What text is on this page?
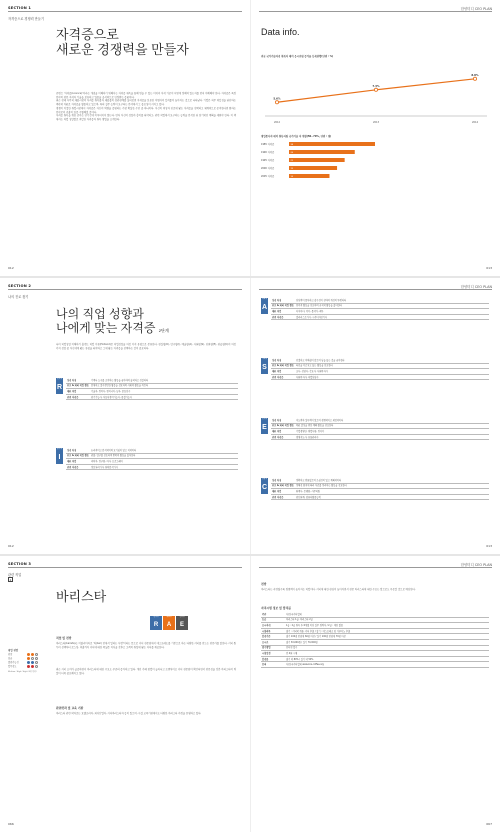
SECTION 1
자격증으로 경쟁력 만들기
자격증으로
새로운 경쟁력을 만들자

콘텐츠 '자격증(Licence)'이라는 개념을 이해하기 위해서는 자격증 취득을 통해 얻을 수 있는 이익과 자격 기준이 어떻게 정해져 있는지를 먼저 이해해야 한다. 자격증은 특정 분야의 전문 지식과 기술을 보유하고 있음을 공식적으로 인정받는 증표이다.

최근 전체 사무직 채용시장의 자격증 취득률과 채용률의 상관관계를 살펴보면 자격증을 보유한 지원자의 합격률이 높아지는 것으로 나타났다. 기업은 직무 적합성을 판단하는 객관적 지표로 자격증을 활용하고 있으며, 특히 실무 능력이 요구되는 분야에서 그 중요성이 커지고 있다.

경쟁이 치열한 취업시장에서 자격증은 자신의 역량을 증명하는 가장 확실한 수단 중 하나이다. 자신의 적성과 진로에 맞는 자격증을 선택하고 체계적으로 준비한다면 원하는 분야로의 진출이 한층 수월해질 것이다.

자격증 취득을 위한 준비는 단기간에 이루어지지 않는다. 먼저 자신의 성향과 흥미를 파악하고, 관련 직업에서 요구하는 능력을 분석한 뒤 장기적인 계획을 세워야 한다. 이 책에서는 직업 성향별로 적합한 자격증과 취득 방법을 소개한다.

012
한양미디 CEO PLAN
Data info.
전국 국가기술자격 취득자 대비 응시인원 증가율 등록현황(단위 : %)
5.6%
2012
7.3%
2013
8.8%
2014
영업종사자 대비 취득지원 국가기술 자 역량(50~70%, 단위 : 명)
1985 자격증	34
1990 자격증	26
1995 자격증	22
2000 자격증	19
2005 자격증	16
013
SECTION 2
나의 진로 찾기
나의 직업 성향과
나에게 맞는 자격증 2단계
나의 직업성향 이해하기 홀랜드 직업 이론(Holland)은 직업성향을 여섯 가지 유형으로 분류한다. 현실형(R), 탐구형(I), 예술형(A), 사회형(S), 진취형(E), 관습형(C)의 여섯 가지 성향 중 자신에게 맞는 유형을 파악하고 그에 맞는 자격증을 선택하는 것이 중요하다.
현실형
R
성격 특징	기계나 도구를 조작하는 활동을 좋아하며 솔직하고 성실하다
선호 & 회피 직업 활동	분명하고 질서정연한 활동을 선호하며 사회적 활동을 꺼린다
대표 직업	기술자, 정비사, 엔지니어, 농부, 운동선수
관련 자격증	전기기능사, 자동차정비기능사, 용접기능사
탐구형
I
성격 특징	논리적이고 분석적이며 호기심이 많고 지적이다
선호 & 회피 직업 활동	관찰, 탐구를 선호하며 반복적 활동을 싫어한다
대표 직업	과학자, 연구원, 의사, 프로그래머
관련 자격증	정보처리기사, 화학분석기사
012
한양미디 CEO PLAN
예술형
A
성격 특징	상상력이 풍부하고 감수성이 강하며 개성이 뚜렷하다
선호 & 회피 직업 활동	창의적 활동을 선호하며 규칙적 활동을 싫어한다
대표 직업	디자이너, 작가, 음악가, 배우
관련 자격증	컬러리스트기사, 시각디자인기사
사회형
S
성격 특징	친절하고 이해심이 많으며 남을 돕는 것을 좋아한다
선호 & 회피 직업 활동	타인을 가르치고 돕는 활동을 선호한다
대표 직업	교사, 상담사, 간호사, 사회복지사
관련 자격증	사회복지사, 직업상담사
진취형
E
성격 특징	지도력과 설득력이 있으며 경쟁적이고 외향적이다
선호 & 회피 직업 활동	목표 달성을 위한 계획 활동을 선호한다
대표 직업	기업경영인, 영업사원, 정치가
관련 자격증	경영지도사, 유통관리사
관습형
C
성격 특징	정확하고 빈틈없으며 조심성이 있고 계획적이다
선호 & 회피 직업 활동	정해진 원칙에 따라 자료를 정리하는 활동을 선호한다
대표 직업	회계사, 은행원, 사무직원
관련 자격증	전산회계, 컴퓨터활용능력
013
SECTION 3
관련 직업
2
바리스타
현실형
R
예술형
A
진취형
E
직업 전망
전망
임금
발전가능성
업무강도
Medium / High / Hight (5점 만점)
직업 및 전망
바리스타(barista)는 이탈리아어로 '바(bar) 안에서 일하는 사람'이라는 뜻으로 커피 전문점에서 에스프레소를 기본으로 하는 다양한 커피를 만드는 전문가를 말한다. 커피 원두의 선택부터 로스팅, 추출까지 커피에 대한 폭넓은 지식을 갖추고 고객의 취향에 맞는 커피를 제공한다.
최근 커피 소비가 급증하면서 바리스타에 대한 수요도 꾸준히 증가하고 있다. 개인 카페 창업이 늘어나고 프랜차이즈 커피 전문점이 확산되면서 전문성을 갖춘 바리스타의 역할이 더욱 중요해지고 있다.
관련학과 및 교육 기관
바리스타 관련 학과로는 호텔조리과, 외식산업과, 커피바리스타과 등이 있으며, 사설 교육기관에서도 다양한 바리스타 과정을 운영하고 있다.
066
한양미디 CEO PLAN
전망
바리스타는 숙련될수록 경쟁력이 높아지는 직업이다. 커피에 대한 관심이 높아지면서 전문 바리스타에 대한 수요는 앞으로도 꾸준할 것으로 예상된다.
자격시험 정보 및 합격률
주관	사)한국커피협회
등급	바리스타 1급, 바리스타 2급
응시자격	1급 : 2급 취득 후 6개월 이상 실무 경력자 / 2급 : 제한 없음
시험과목	필기 : 커피학 개론, 커피 추출 / 실기 : 에스프레소 및 카푸치노 추출
합격기준	필기 100점 만점에 60점 이상 / 실기 100점 만점에 70점 이상
응시료	필기 30,000원 / 실기 70,000원
접수방법	인터넷 접수
시험일정	연 4회 시행
합격률	필기 약 80% / 실기 약 50%
문의	사)한국커피협회 www.kca-coffee.org
067
